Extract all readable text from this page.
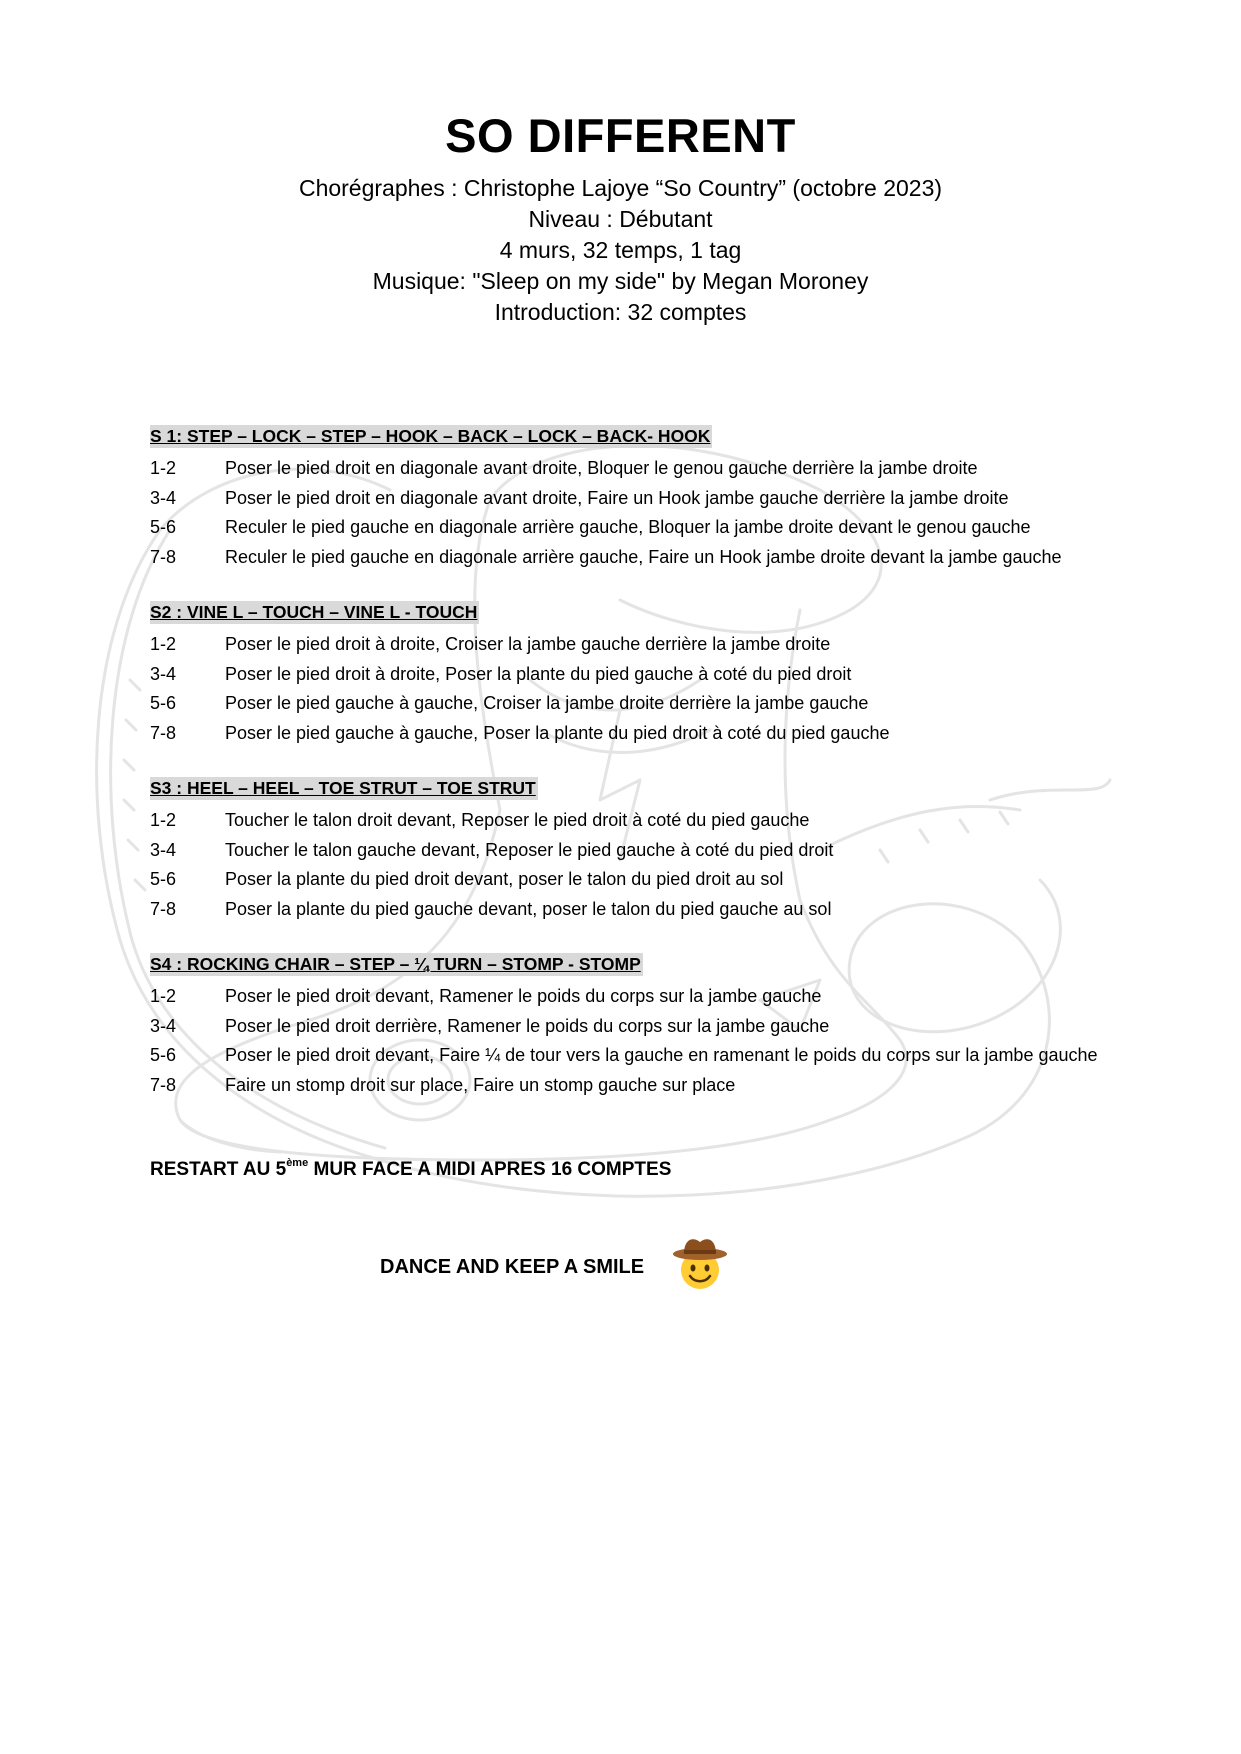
SO DIFFERENT
Chorégraphes : Christophe Lajoye “So Country” (octobre 2023)
Niveau : Débutant
4 murs, 32 temps, 1 tag
Musique: "Sleep on my side" by Megan Moroney
Introduction: 32 comptes
S 1: STEP – LOCK – STEP – HOOK – BACK – LOCK – BACK- HOOK
1-2	Poser le pied droit en diagonale avant droite, Bloquer le genou gauche derrière la jambe droite
3-4	Poser le pied droit en diagonale avant droite, Faire un Hook jambe gauche derrière la jambe droite
5-6	Reculer le pied gauche en diagonale arrière gauche, Bloquer la jambe droite devant le genou gauche
7-8	Reculer le pied gauche en diagonale arrière gauche, Faire un Hook jambe droite devant la jambe gauche
S2 : VINE L – TOUCH – VINE L - TOUCH
1-2	Poser le pied droit à droite, Croiser la jambe gauche derrière la jambe droite
3-4	Poser le pied droit à droite, Poser la plante du pied gauche à coté du pied droit
5-6	Poser le pied gauche à gauche, Croiser la jambe droite derrière la jambe gauche
7-8	Poser le pied gauche à gauche, Poser la plante du pied droit à coté du pied gauche
S3 : HEEL – HEEL – TOE STRUT – TOE STRUT
1-2	Toucher le talon droit devant, Reposer le pied droit à coté du pied gauche
3-4	Toucher le talon gauche devant, Reposer le pied gauche à coté du pied droit
5-6	Poser la plante du pied droit devant, poser le talon du pied droit au sol
7-8	Poser la plante du pied gauche devant, poser le talon du pied gauche au sol
S4 : ROCKING CHAIR – STEP – ¼ TURN – STOMP - STOMP
1-2	Poser le pied droit devant, Ramener le poids du corps sur la jambe gauche
3-4	Poser le pied droit derrière, Ramener le poids du corps sur la jambe gauche
5-6	Poser le pied droit devant, Faire ¼ de tour vers la gauche en ramenant le poids du corps sur la jambe gauche
7-8	Faire un stomp droit sur place, Faire un stomp gauche sur place
RESTART AU 5ème MUR FACE A MIDI APRES 16 COMPTES
DANCE AND KEEP A SMILE
